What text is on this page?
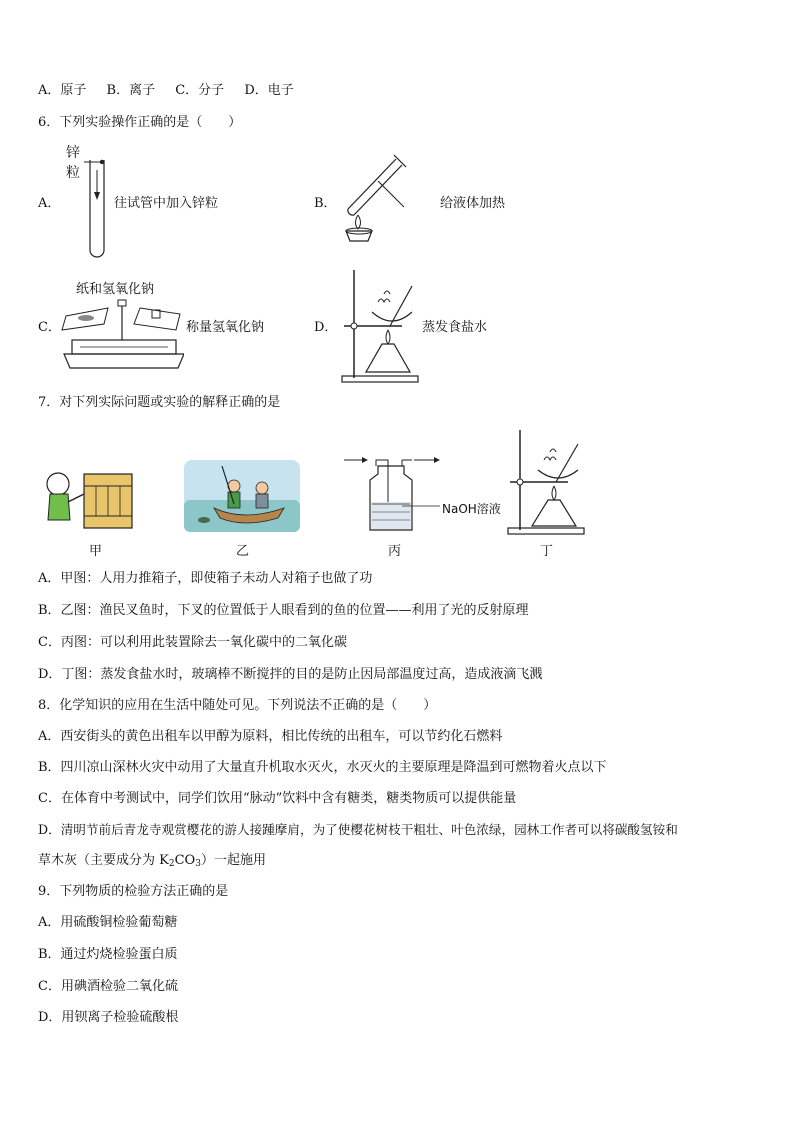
A．原子 B．离子 C．分子 D．电子
6．下列实验操作正确的是（　　）
A．
锌
粒
往试管中加入锌粒	B．	给液体加热
C．
纸和氢氧化钠
称量氢氧化钠	D．	蒸发食盐水
7．对下列实际问题或实验的解释正确的是
甲	乙
NaOH溶液
丙	丁
A．甲图：人用力推箱子，即使箱子未动人对箱子也做了功
B．乙图：渔民叉鱼时，下叉的位置低于人眼看到的鱼的位置——利用了光的反射原理
C．丙图：可以利用此装置除去一氧化碳中的二氧化碳
D．丁图：蒸发食盐水时，玻璃棒不断搅拌的目的是防止因局部温度过高，造成液滴飞溅
8．化学知识的应用在生活中随处可见。下列说法不正确的是（　　）
A．西安街头的黄色出租车以甲醇为原料，相比传统的出租车，可以节约化石燃料
B．四川凉山深林火灾中动用了大量直升机取水灭火，水灭火的主要原理是降温到可燃物着火点以下
C．在体育中考测试中，同学们饮用“脉动”饮料中含有糖类，糖类物质可以提供能量
D．清明节前后青龙寺观赏樱花的游人接踵摩肩，为了使樱花树枝干粗壮、叶色浓绿，园林工作者可以将碳酸氢铵和
草木灰（主要成分为 $K_2CO_3$）一起施用
9．下列物质的检验方法正确的是
A．用硫酸铜检验葡萄糖
B．通过灼烧检验蛋白质
C．用碘酒检验二氧化硫
D．用钡离子检验硫酸根
